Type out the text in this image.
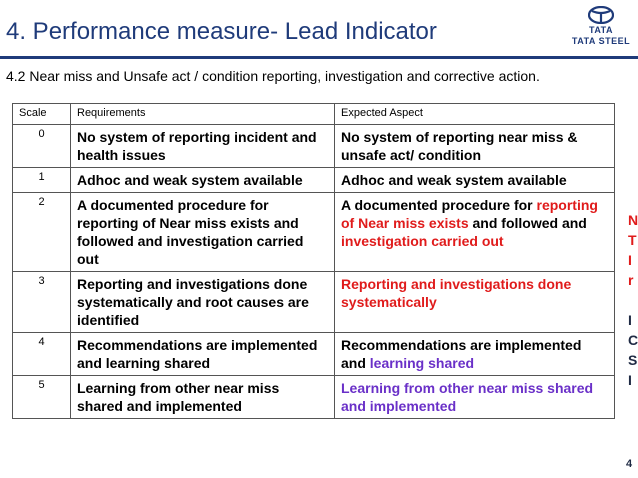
4. Performance measure- Lead Indicator	TATA
TATA STEEL
4.2 Near miss and Unsafe act / condition reporting, investigation and corrective action.
Scale	Requirements	Expected Aspect
0	No system of reporting incident and health issues	No system of reporting near miss & unsafe act/ condition
1	Adhoc and weak system available	Adhoc and weak system available
2	A documented procedure for reporting of Near miss exists and followed and investigation carried out	A documented procedure for reporting of Near miss exists and followed and investigation carried out
3	Reporting and investigations done systematically and root causes are identified	Reporting and investigations done systematically
4	Recommendations are implemented and learning shared	Recommendations are implemented and learning shared
5	Learning from other near miss shared and implemented	Learning from other near miss shared and implemented
N
T
I
r

I
C
S
I
4
